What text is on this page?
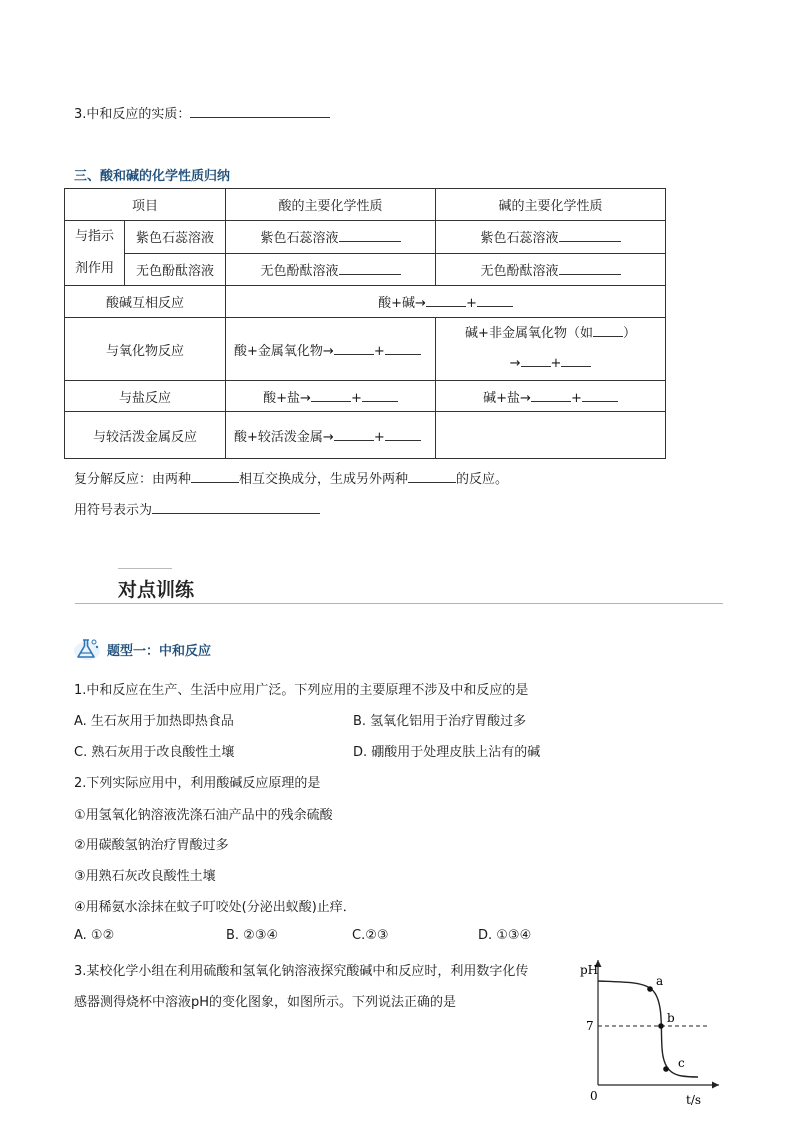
3.中和反应的实质：
三、酸和碱的化学性质归纳
项目		酸的主要化学性质	碱的主要化学性质

与指示
剂作用	紫色石蕊溶液	紫色石蕊溶液	紫色石蕊溶液
	无色酚酞溶液	无色酚酞溶液	无色酚酞溶液
酸碱互相反应		酸+碱→ +	
与氧化物反应		酸+金属氧化物→ +	碱+非金属氧化物（如 ）
→ +

与盐反应		酸+盐→ +	碱+盐→ +
与较活泼金属反应		酸+较活泼金属→ +	
复分解反应：由两种	相互交换成分，生成另外两种	的反应。
用符号表示为
对点训练
题型一：中和反应
1.中和反应在生产、生活中应用广泛。下列应用的主要原理不涉及中和反应的是
A. 生石灰用于加热即热食品	B. 氢氧化铝用于治疗胃酸过多
C. 熟石灰用于改良酸性土壤	D. 硼酸用于处理皮肤上沾有的碱
2.下列实际应用中，利用酸碱反应原理的是
①用氢氧化钠溶液洗涤石油产品中的残余硫酸
②用碳酸氢钠治疗胃酸过多
③用熟石灰改良酸性土壤
④用稀氨水涂抹在蚊子叮咬处(分泌出蚁酸)止痒．
A. ①②	B. ②③④	C.②③	D. ①③④
3.某校化学小组在利用硫酸和氢氧化钠溶液探究酸碱中和反应时，利用数字化传
感器测得烧杯中溶液pH的变化图象，如图所示。下列说法正确的是
pH
7
0	t/s
a
b
c
